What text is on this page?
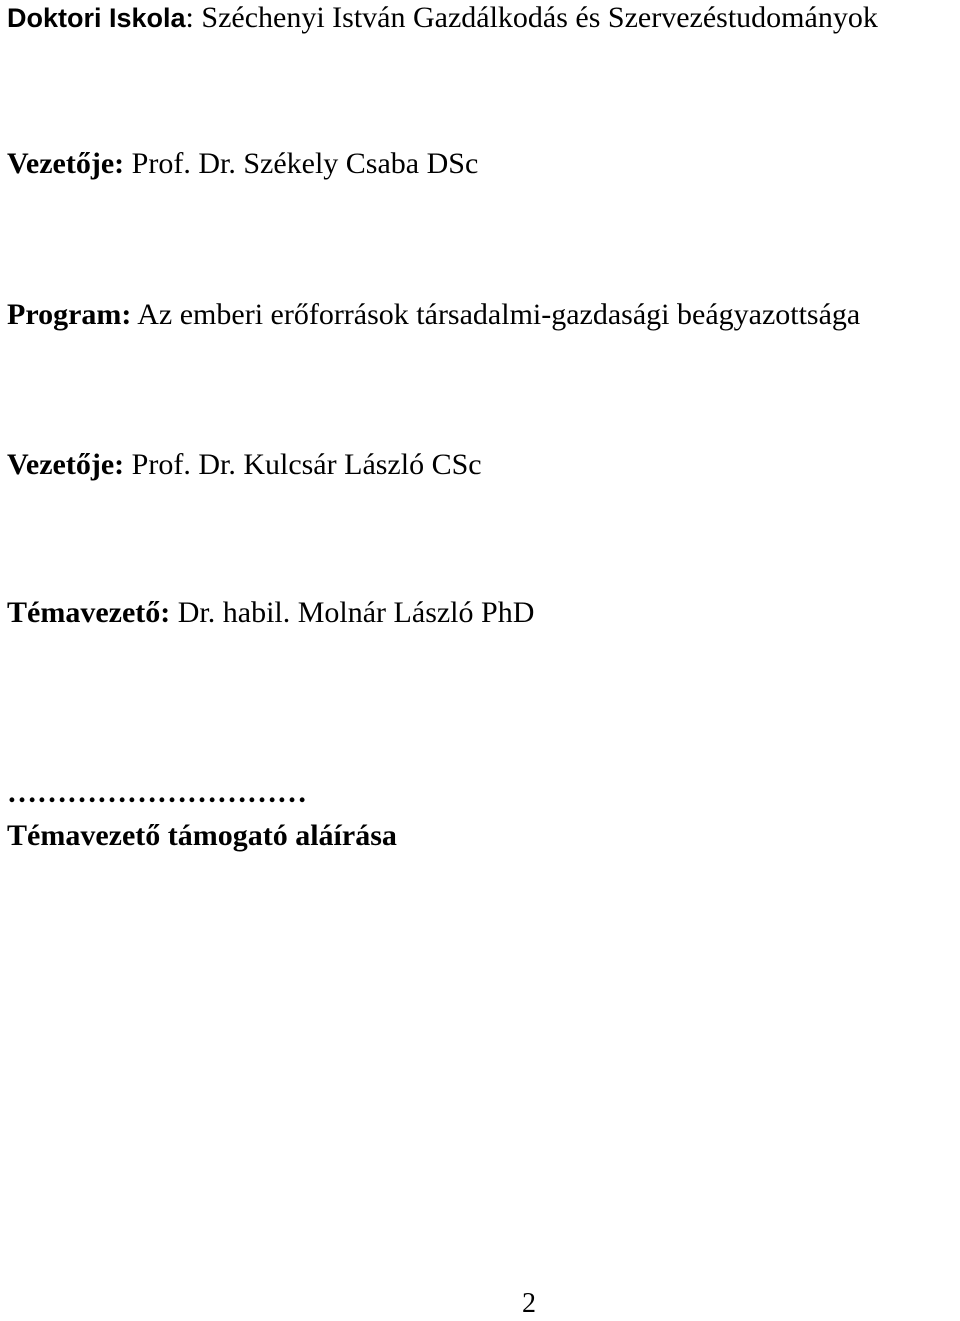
Doktori Iskola: Széchenyi István Gazdálkodás és Szervezéstudományok
Vezetője: Prof. Dr. Székely Csaba DSc
Program: Az emberi erőforrások társadalmi-gazdasági beágyazottsága
Vezetője: Prof. Dr. Kulcsár László CSc
Témavezető: Dr. habil. Molnár László PhD
…………………………
Témavezető támogató aláírása
2
